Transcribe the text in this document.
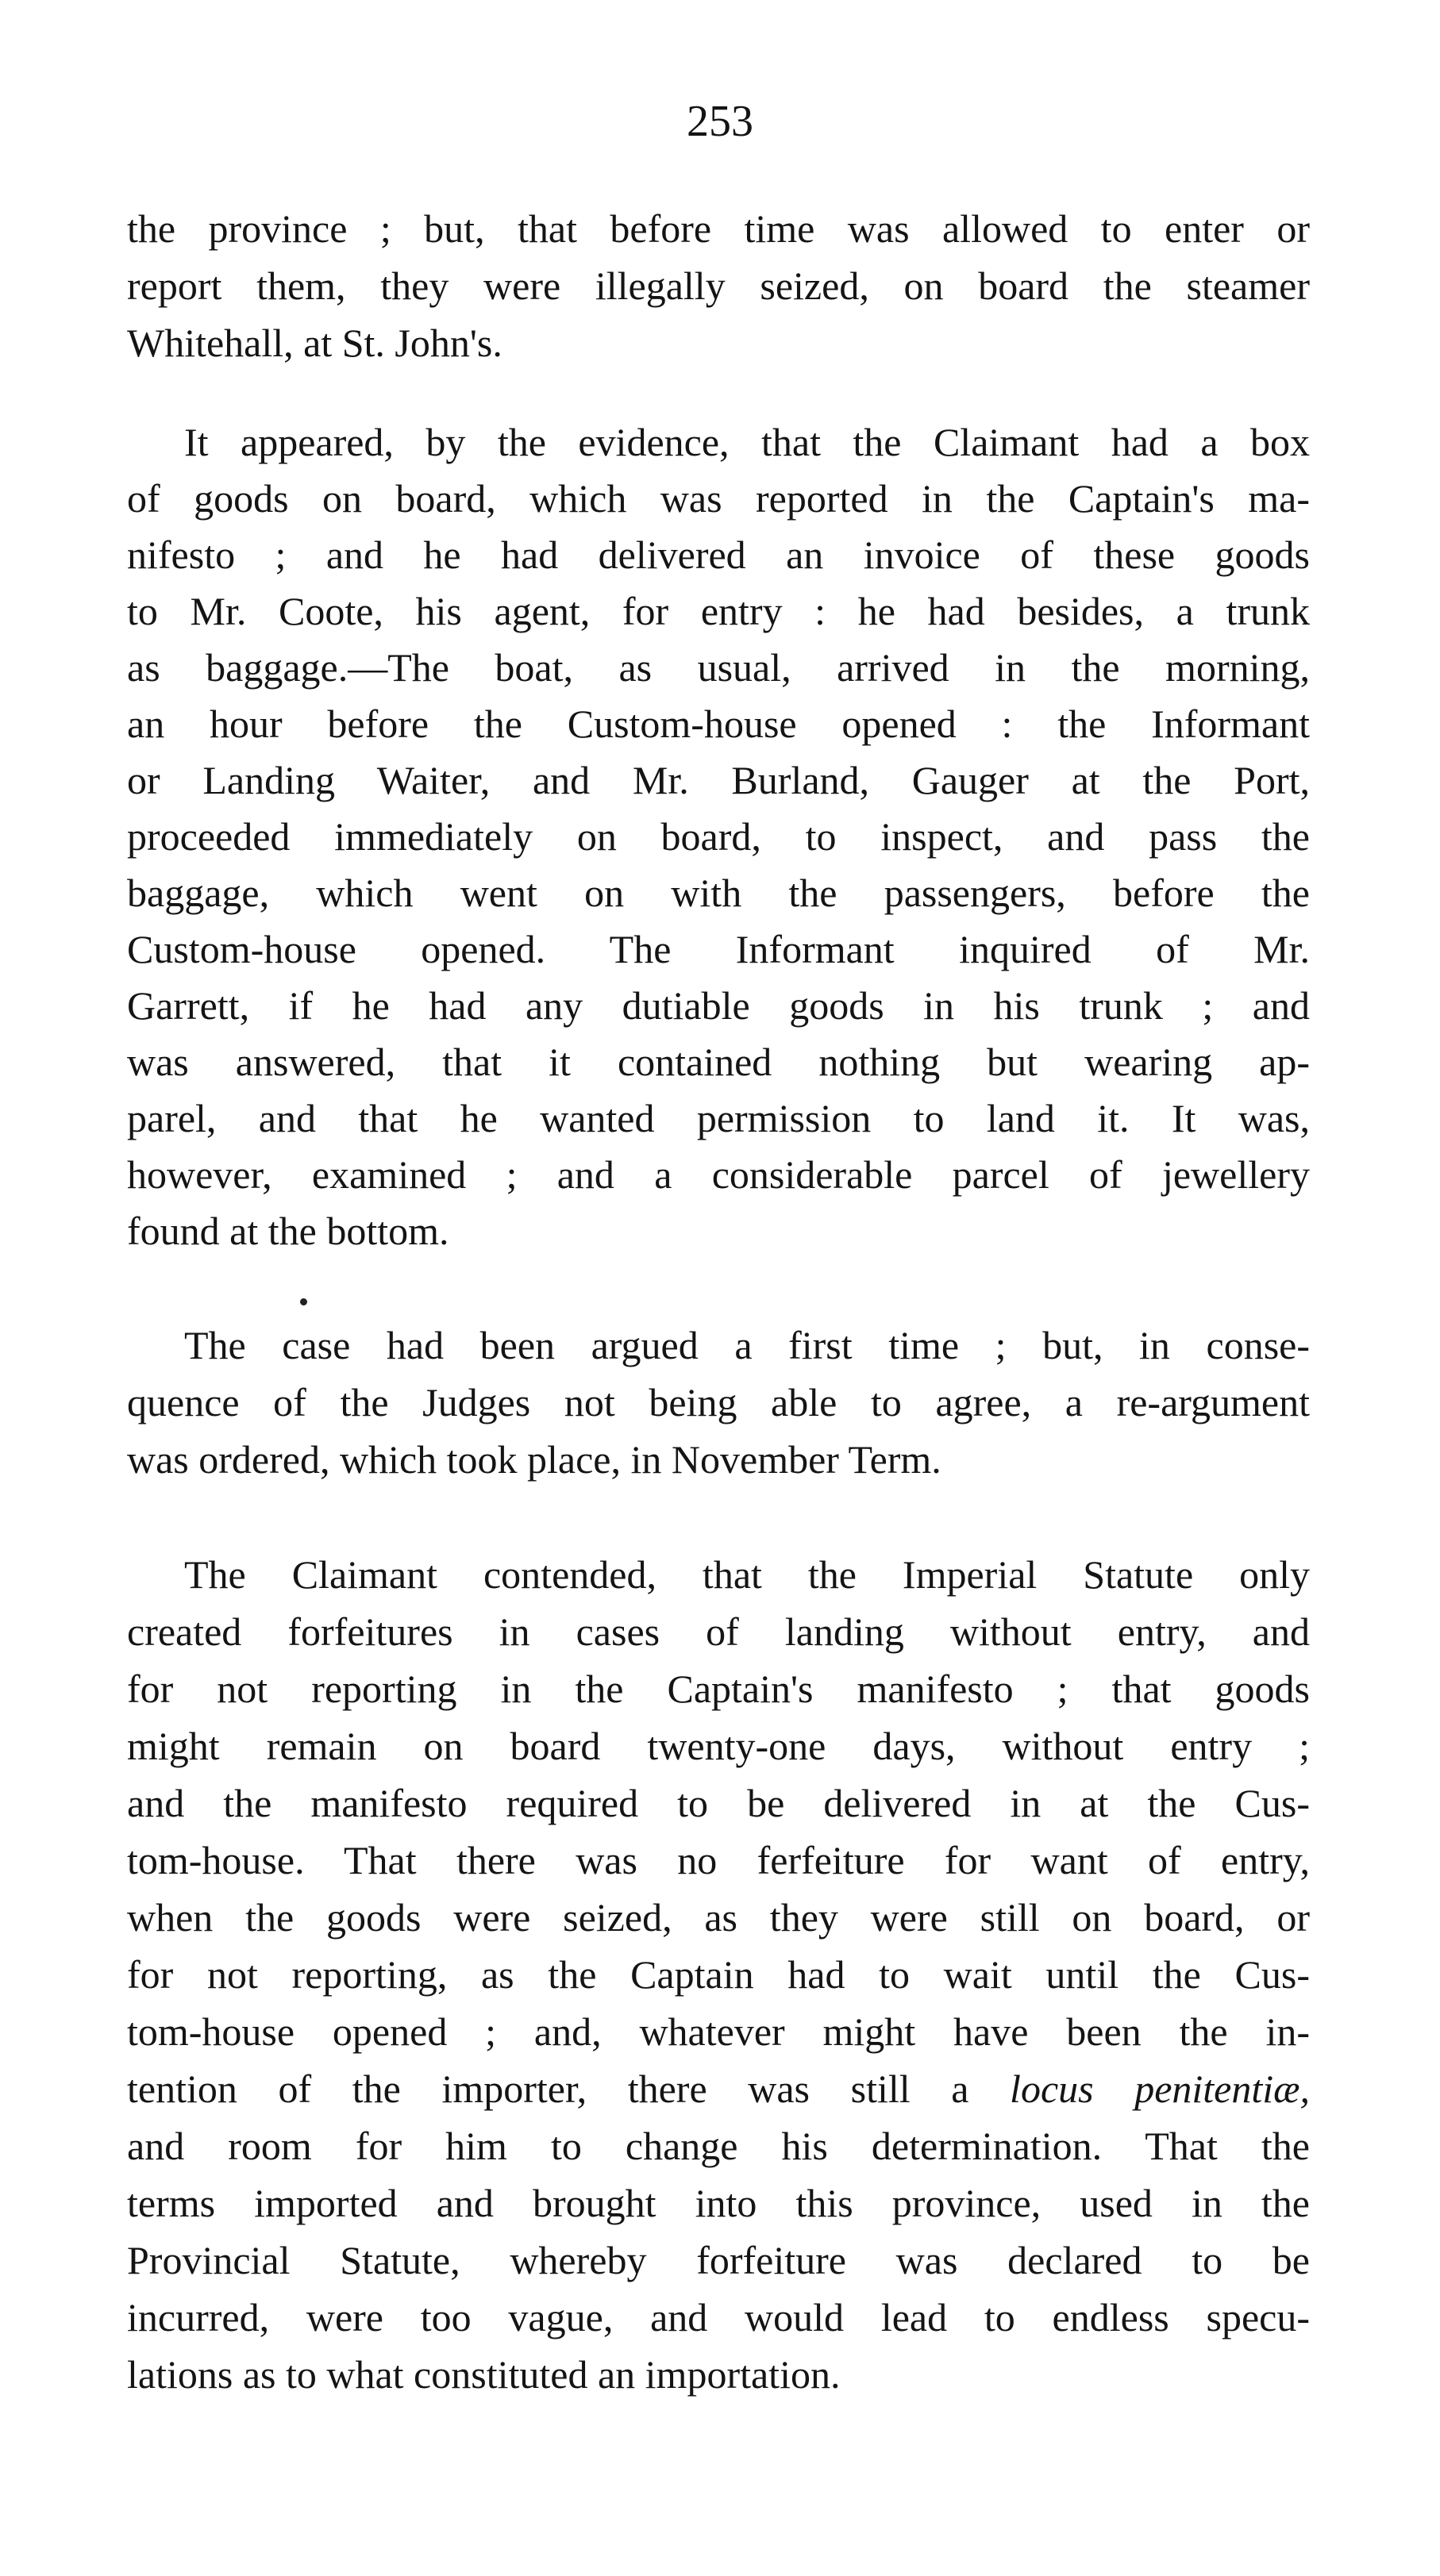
253
the province ; but, that before time was allowed to enter or
report them, they were illegally seized, on board the steamer
Whitehall, at St. John's.
It appeared, by the evidence, that the Claimant had a box
of goods on board, which was reported in the Captain's ma-
nifesto ; and he had delivered an invoice of these goods
to Mr. Coote, his agent, for entry : he had besides, a trunk
as baggage.—The boat, as usual, arrived in the morning,
an hour before the Custom-house opened : the Informant
or Landing Waiter, and Mr. Burland, Gauger at the Port,
proceeded immediately on board, to inspect, and pass the
baggage, which went on with the passengers, before the
Custom-house opened. The Informant inquired of Mr.
Garrett, if he had any dutiable goods in his trunk ; and
was answered, that it contained nothing but wearing ap-
parel, and that he wanted permission to land it. It was,
however, examined ; and a considerable parcel of jewellery
found at the bottom.
The case had been argued a first time ; but, in conse-
quence of the Judges not being able to agree, a re-argument
was ordered, which took place, in November Term.
The Claimant contended, that the Imperial Statute only
created forfeitures in cases of landing without entry, and
for not reporting in the Captain's manifesto ; that goods
might remain on board twenty-one days, without entry ;
and the manifesto required to be delivered in at the Cus-
tom-house. That there was no ferfeiture for want of entry,
when the goods were seized, as they were still on board, or
for not reporting, as the Captain had to wait until the Cus-
tom-house opened ; and, whatever might have been the in-
tention of the importer, there was still a locus penitentiæ,
and room for him to change his determination. That the
terms imported and brought into this province, used in the
Provincial Statute, whereby forfeiture was declared to be
incurred, were too vague, and would lead to endless specu-
lations as to what constituted an importation.
